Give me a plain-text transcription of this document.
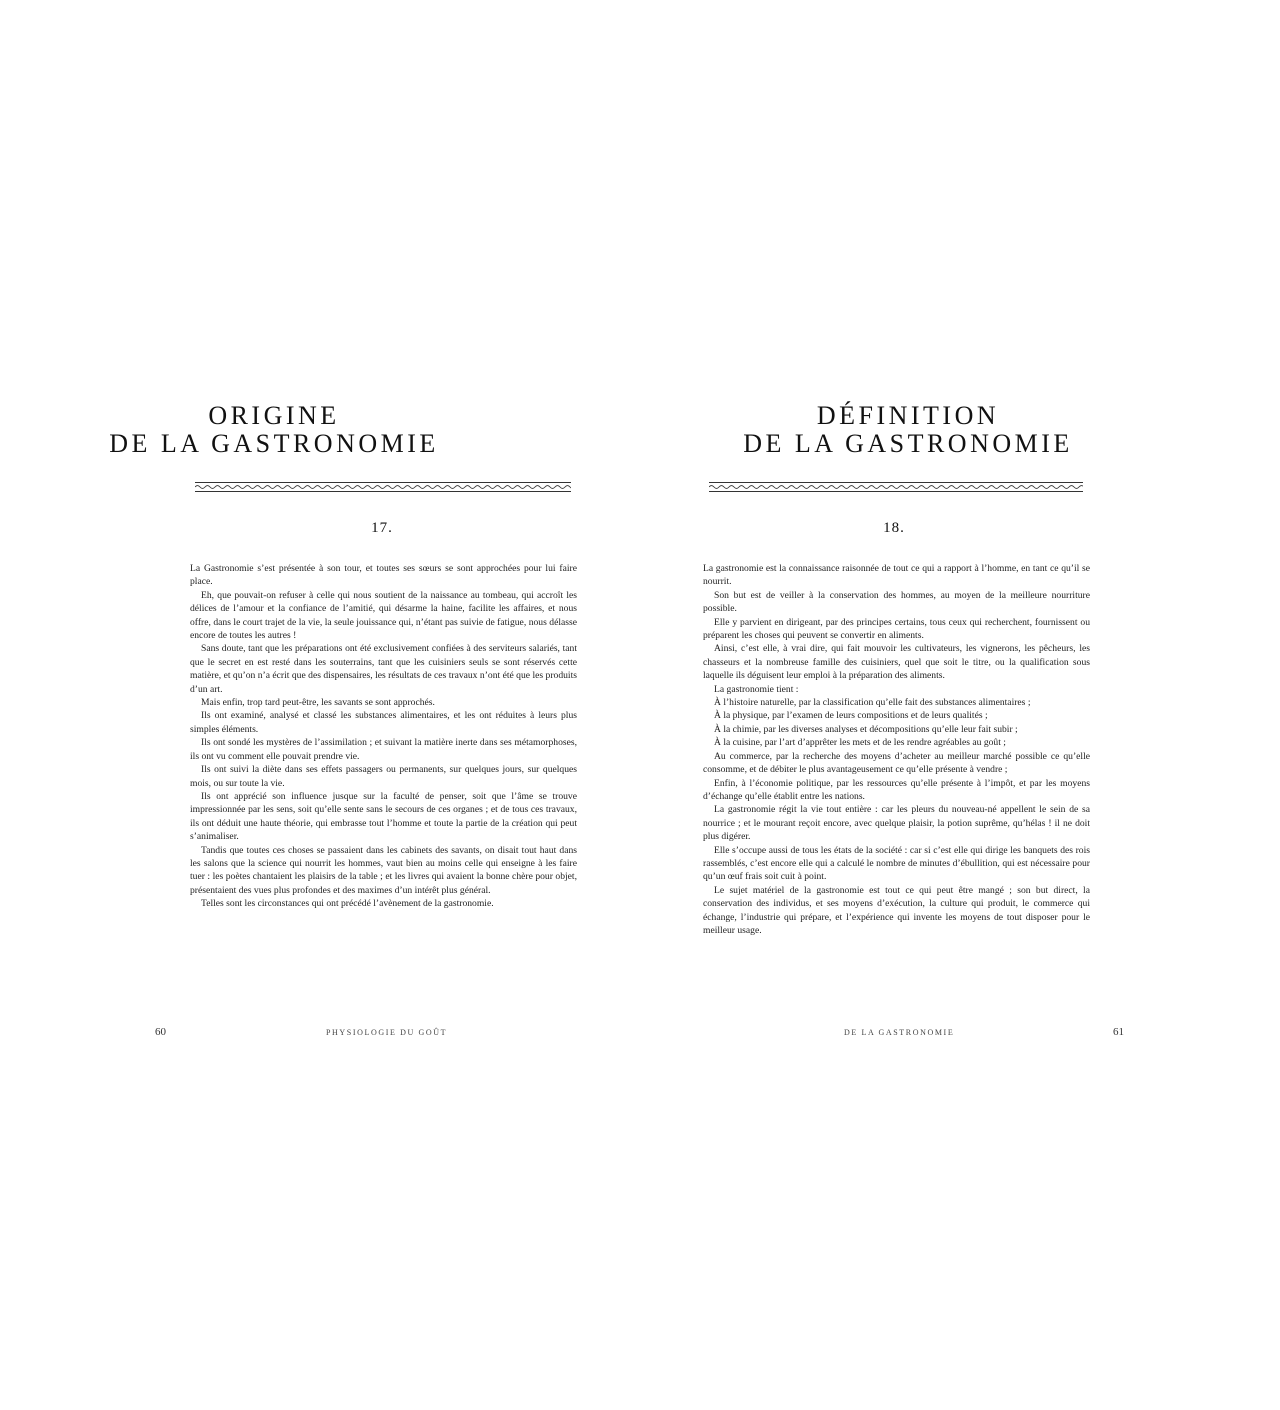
ORIGINE
DE LA GASTRONOMIE
17.

La Gastronomie s’est présentée à son tour, et toutes ses sœurs se sont approchées pour lui faire place.

Eh, que pouvait-on refuser à celle qui nous soutient de la naissance au tombeau, qui accroît les délices de l’amour et la confiance de l’amitié, qui désarme la haine, facilite les affaires, et nous offre, dans le court trajet de la vie, la seule jouissance qui, n’étant pas suivie de fatigue, nous délasse encore de toutes les autres !

Sans doute, tant que les préparations ont été exclusivement confiées à des serviteurs salariés, tant que le secret en est resté dans les souterrains, tant que les cuisiniers seuls se sont réservés cette matière, et qu’on n’a écrit que des dispensaires, les résultats de ces travaux n’ont été que les produits d’un art.

Mais enfin, trop tard peut-être, les savants se sont approchés.

Ils ont examiné, analysé et classé les substances alimentaires, et les ont réduites à leurs plus simples éléments.

Ils ont sondé les mystères de l’assimilation ; et suivant la matière inerte dans ses métamorphoses, ils ont vu comment elle pouvait prendre vie.

Ils ont suivi la diète dans ses effets passagers ou permanents, sur quelques jours, sur quelques mois, ou sur toute la vie.

Ils ont apprécié son influence jusque sur la faculté de penser, soit que l’âme se trouve impressionnée par les sens, soit qu’elle sente sans le secours de ces organes ; et de tous ces travaux, ils ont déduit une haute théorie, qui embrasse tout l’homme et toute la partie de la création qui peut s’animaliser.

Tandis que toutes ces choses se passaient dans les cabinets des savants, on disait tout haut dans les salons que la science qui nourrit les hommes, vaut bien au moins celle qui enseigne à les faire tuer : les poètes chantaient les plaisirs de la table ; et les livres qui avaient la bonne chère pour objet, présentaient des vues plus profondes et des maximes d’un intérêt plus général.

Telles sont les circonstances qui ont précédé l’avènement de la gastronomie.

60	PHYSIOLOGIE DU GOÛT
DÉFINITION
DE LA GASTRONOMIE
18.

La gastronomie est la connaissance raisonnée de tout ce qui a rapport à l’homme, en tant ce qu’il se nourrit.

Son but est de veiller à la conservation des hommes, au moyen de la meilleure nourriture possible.

Elle y parvient en dirigeant, par des principes certains, tous ceux qui recherchent, fournissent ou préparent les choses qui peuvent se convertir en aliments.

Ainsi, c’est elle, à vrai dire, qui fait mouvoir les cultivateurs, les vignerons, les pêcheurs, les chasseurs et la nombreuse famille des cuisiniers, quel que soit le titre, ou la qualification sous laquelle ils déguisent leur emploi à la préparation des aliments.

La gastronomie tient :

À l’histoire naturelle, par la classification qu’elle fait des substances alimentaires ;

À la physique, par l’examen de leurs compositions et de leurs qualités ;

À la chimie, par les diverses analyses et décompositions qu’elle leur fait subir ;

À la cuisine, par l’art d’apprêter les mets et de les rendre agréables au goût ;

Au commerce, par la recherche des moyens d’acheter au meilleur marché possible ce qu’elle consomme, et de débiter le plus avantageusement ce qu’elle présente à vendre ;

Enfin, à l’économie politique, par les ressources qu’elle présente à l’impôt, et par les moyens d’échange qu’elle établit entre les nations.

La gastronomie régit la vie tout entière : car les pleurs du nouveau-né appellent le sein de sa nourrice ; et le mourant reçoit encore, avec quelque plaisir, la potion suprême, qu’hélas ! il ne doit plus digérer.

Elle s’occupe aussi de tous les états de la société : car si c’est elle qui dirige les banquets des rois rassemblés, c’est encore elle qui a calculé le nombre de minutes d’ébullition, qui est nécessaire pour qu’un œuf frais soit cuit à point.

Le sujet matériel de la gastronomie est tout ce qui peut être mangé ; son but direct, la conservation des individus, et ses moyens d’exécution, la culture qui produit, le commerce qui échange, l’industrie qui prépare, et l’expérience qui invente les moyens de tout disposer pour le meilleur usage.

DE LA GASTRONOMIE	61
